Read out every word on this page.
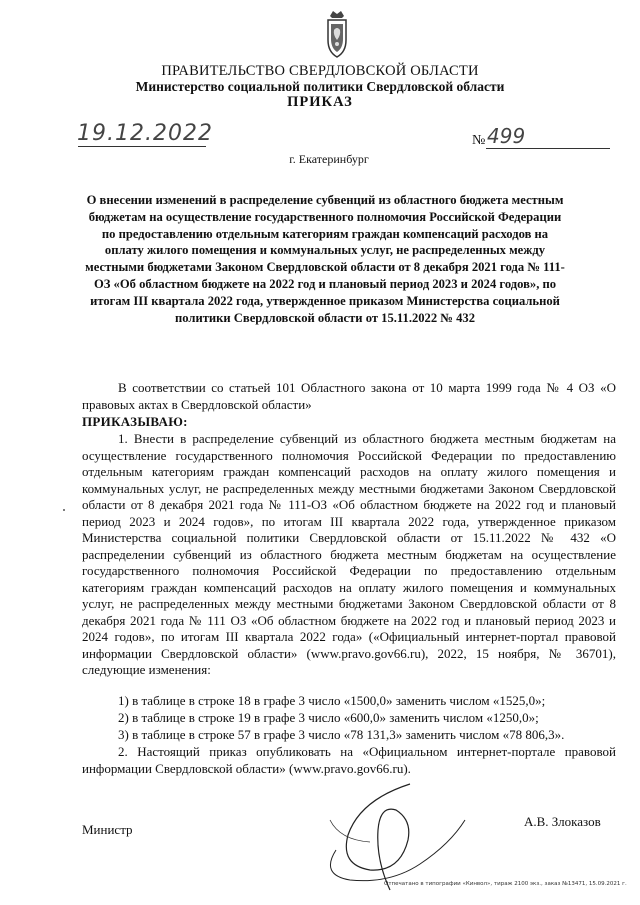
ПРАВИТЕЛЬСТВО СВЕРДЛОВСКОЙ ОБЛАСТИ
Министерство социальной политики Свердловской области
ПРИКАЗ
19.12.2022	№ 499
г. Екатеринбург
О внесении изменений в распределение субвенций из областного бюджета местным бюджетам на осуществление государственного полномочия Российской Федерации по предоставлению отдельным категориям граждан компенсаций расходов на оплату жилого помещения и коммунальных услуг, не распределенных между местными бюджетами Законом Свердловской области от 8 декабря 2021 года № 111-ОЗ «Об областном бюджете на 2022 год и плановый период 2023 и 2024 годов», по итогам III квартала 2022 года, утвержденное приказом Министерства социальной политики Свердловской области от 15.11.2022 № 432
В соответствии со статьей 101 Областного закона от 10 марта 1999 года № 4 ОЗ «О правовых актах в Свердловской области»
ПРИКАЗЫВАЮ:
1. Внести в распределение субвенций из областного бюджета местным бюджетам на осуществление государственного полномочия Российской Федерации по предоставлению отдельным категориям граждан компенсаций расходов на оплату жилого помещения и коммунальных услуг, не распределенных между местными бюджетами Законом Свердловской области от 8 декабря 2021 года № 111-ОЗ «Об областном бюджете на 2022 год и плановый период 2023 и 2024 годов», по итогам III квартала 2022 года, утвержденное приказом Министерства социальной политики Свердловской области от 15.11.2022 № 432 «О распределении субвенций из областного бюджета местным бюджетам на осуществление государственного полномочия Российской Федерации по предоставлению отдельным категориям граждан компенсаций расходов на оплату жилого помещения и коммунальных услуг, не распределенных между местными бюджетами Законом Свердловской области от 8 декабря 2021 года № 111 ОЗ «Об областном бюджете на 2022 год и плановый период 2023 и 2024 годов», по итогам III квартала 2022 года» («Официальный интернет-портал правовой информации Свердловской области» (www.pravo.gov66.ru), 2022, 15 ноября, № 36701), следующие изменения:
1) в таблице в строке 18 в графе 3 число «1500,0» заменить числом «1525,0»;
2) в таблице в строке 19 в графе 3 число «600,0» заменить числом «1250,0»;
3) в таблице в строке 57 в графе 3 число «78 131,3» заменить числом «78 806,3».
2. Настоящий приказ опубликовать на «Официальном интернет-портале правовой информации Свердловской области» (www.pravo.gov66.ru).
Министр
А.В. Злоказов
Отпечатано в типографии «Кинвол», тираж 2100 экз., заказ №13471, 15.09.2021 г.
